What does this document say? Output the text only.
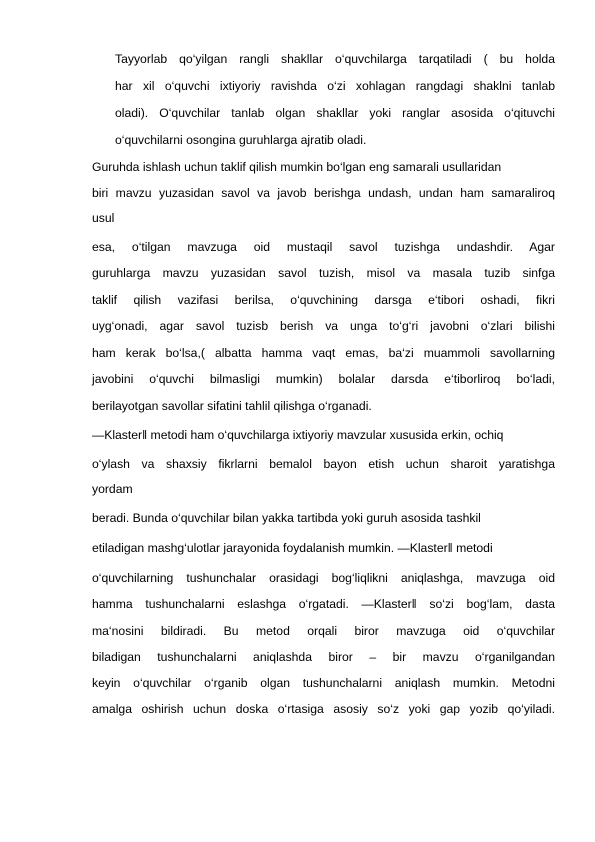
Tayyorlab qo‘yilgan rangli shakllar o‘quvchilarga tarqatiladi ( bu holda
har xil o‘quvchi ixtiyoriy ravishda o‘zi xohlagan rangdagi shaklni tanlab
oladi). O‘quvchilar tanlab olgan shakllar yoki ranglar asosida o‘qituvchi
o‘quvchilarni osongina guruhlarga ajratib oladi.
Guruhda ishlash uchun taklif qilish mumkin bo‘lgan eng samarali usullaridan
biri mavzu yuzasidan savol va javob berishga undash, undan ham samaraliroq
usul
esa, o‘tilgan mavzuga oid mustaqil savol tuzishga undashdir. Agar
guruhlarga mavzu yuzasidan savol tuzish, misol va masala tuzib sinfga
taklif qilish vazifasi berilsa, o‘quvchining darsga e‘tibori oshadi, fikri
uyg‘onadi, agar savol tuzisb berish va unga to‘g‘ri javobni o‘zlari bilishi
ham kerak bo‘lsa,( albatta hamma vaqt emas, ba‘zi muammoli savollarning
javobini o‘quvchi bilmasligi mumkin) bolalar darsda e‘tiborliroq bo‘ladi,
berilayotgan savollar sifatini tahlil qilishga o‘rganadi.
―Klaster‖ metodi ham o‘quvchilarga ixtiyoriy mavzular xususida erkin, ochiq
o‘ylash va shaxsiy fikrlarni bemalol bayon etish uchun sharoit yaratishga
yordam
beradi. Bunda o‘quvchilar bilan yakka tartibda yoki guruh asosida tashkil
etiladigan mashg‘ulotlar jarayonida foydalanish mumkin. ―Klaster‖ metodi
o‘quvchilarning tushunchalar orasidagi bog‘liqlikni aniqlashga, mavzuga oid
hamma tushunchalarni eslashga o‘rgatadi. ―Klaster‖ so‘zi bog‘lam, dasta
ma‘nosini bildiradi. Bu metod orqali biror mavzuga oid o‘quvchilar
biladigan tushunchalarni aniqlashda biror – bir mavzu o‘rganilgandan
keyin o‘quvchilar o‘rganib olgan tushunchalarni aniqlash mumkin. Metodni
amalga oshirish uchun doska o‘rtasiga asosiy so‘z yoki gap yozib qo‘yiladi.
